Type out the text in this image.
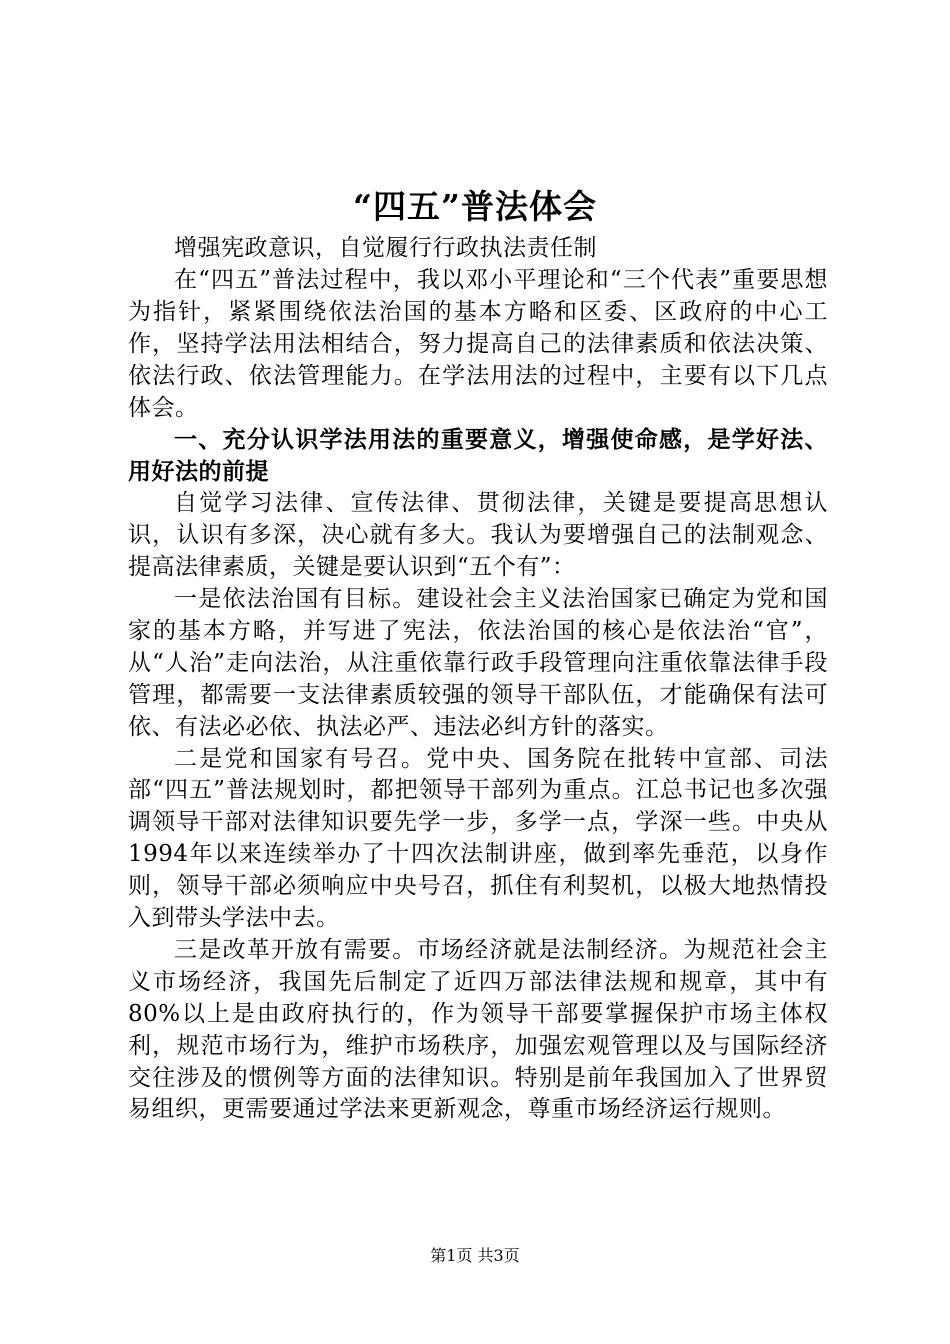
“四五”普法体会

增强宪政意识，自觉履行行政执法责任制

在“四五”普法过程中，我以邓小平理论和“三个代表”重要思想为指针，紧紧围绕依法治国的基本方略和区委、区政府的中心工作，坚持学法用法相结合，努力提高自己的法律素质和依法决策、依法行政、依法管理能力。在学法用法的过程中，主要有以下几点体会。

一、充分认识学法用法的重要意义，增强使命感，是学好法、用好法的前提

自觉学习法律、宣传法律、贯彻法律，关键是要提高思想认识，认识有多深，决心就有多大。我认为要增强自己的法制观念、提高法律素质，关键是要认识到“五个有”：

一是依法治国有目标。建设社会主义法治国家已确定为党和国家的基本方略，并写进了宪法，依法治国的核心是依法治“官”，从“人治”走向法治，从注重依靠行政手段管理向注重依靠法律手段管理，都需要一支法律素质较强的领导干部队伍，才能确保有法可依、有法必必依、执法必严、违法必纠方针的落实。

二是党和国家有号召。党中央、国务院在批转中宣部、司法部“四五”普法规划时，都把领导干部列为重点。江总书记也多次强调领导干部对法律知识要先学一步，多学一点，学深一些。中央从1994年以来连续举办了十四次法制讲座，做到率先垂范，以身作则，领导干部必须响应中央号召，抓住有利契机，以极大地热情投入到带头学法中去。

三是改革开放有需要。市场经济就是法制经济。为规范社会主义市场经济，我国先后制定了近四万部法律法规和规章，其中有80%以上是由政府执行的，作为领导干部要掌握保护市场主体权利，规范市场行为，维护市场秩序，加强宏观管理以及与国际经济交往涉及的惯例等方面的法律知识。特别是前年我国加入了世界贸易组织，更需要通过学法来更新观念，尊重市场经济运行规则。

第1页 共3页
